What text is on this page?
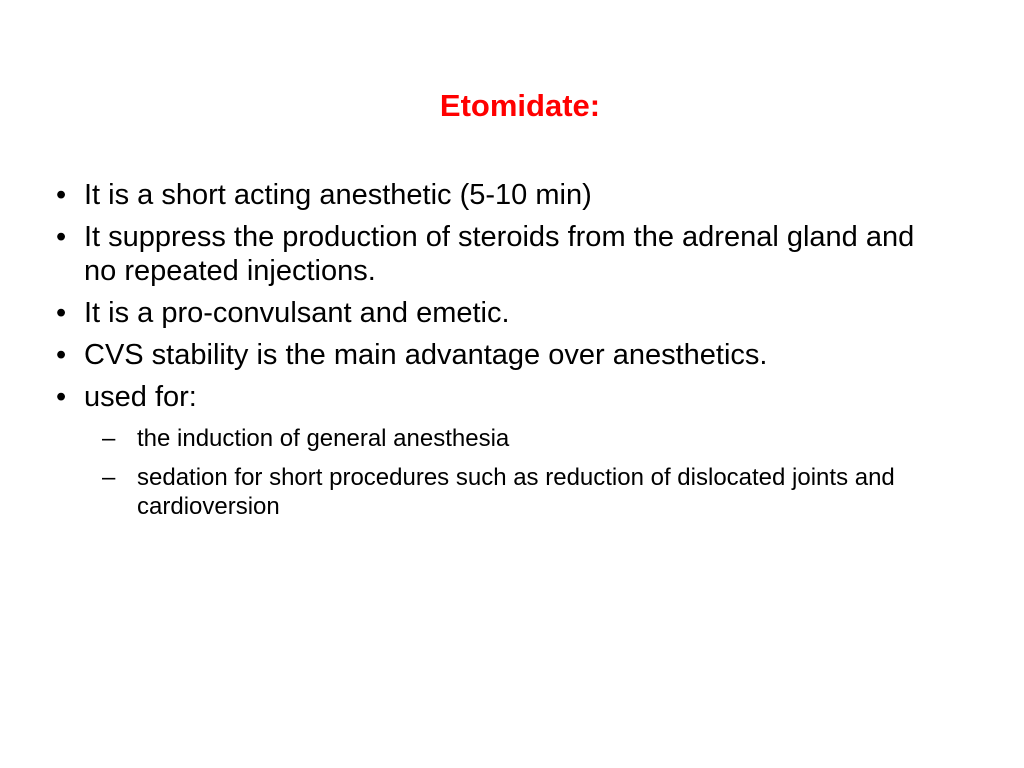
Etomidate:
• It is a short acting anesthetic (5-10 min)
• It suppress the production of steroids from the adrenal gland and no repeated injections.
• It is a pro-convulsant and emetic.
• CVS stability is the main advantage over anesthetics.
• used for:
– the induction of general anesthesia
– sedation for short procedures such as reduction of dislocated joints and cardioversion
